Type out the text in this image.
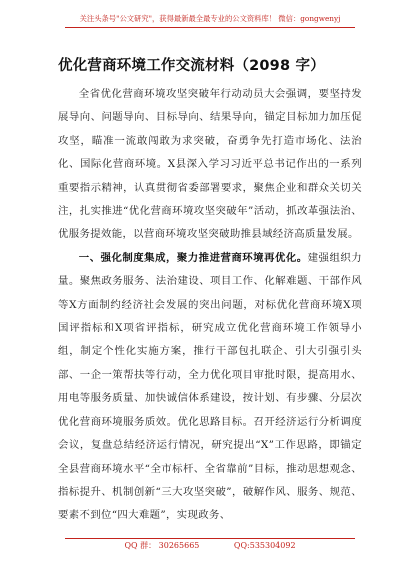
关注头条号"公文研究"，获得最新最全最专业的公文资料库！ 微信：gongwenyj
优化营商环境工作交流材料（2098 字）

全省优化营商环境攻坚突破年行动动员大会强调，要坚持发展导向、问题导向、目标导向、结果导向，锚定目标加力加压促攻坚，瞄准一流敢闯敢为求突破，奋勇争先打造市场化、法治化、国际化营商环境。X县深入学习习近平总书记作出的一系列重要指示精神，认真贯彻省委部署要求，聚焦企业和群众关切关注，扎实推进“优化营商环境攻坚突破年”活动，抓改革强法治、优服务提效能，以营商环境攻坚突破助推县域经济高质量发展。

一、强化制度集成，聚力推进营商环境再优化。建强组织力量。聚焦政务服务、法治建设、项目工作、化解难题、干部作风等X方面制约经济社会发展的突出问题，对标优化营商环境X项国评指标和X项省评指标，研究成立优化营商环境工作领导小组，制定个性化实施方案，推行干部包扎联企、引大引强引头部、一企一策帮扶等行动，全力优化项目审批时限，提高用水、用电等服务质量、加快诚信体系建设，按计划、有步骤、分层次优化营商环境服务质效。优化思路目标。召开经济运行分析调度会议，复盘总结经济运行情况，研究提出“X”工作思路，即锚定全县营商环境水平“全市标杆、全省靠前”目标，推动思想观念、指标提升、机制创新“三大攻坚突破”，破解作风、服务、规范、要素不到位“四大难题”，实现政务、

QQ 群： 30265665	QQ:535304092
